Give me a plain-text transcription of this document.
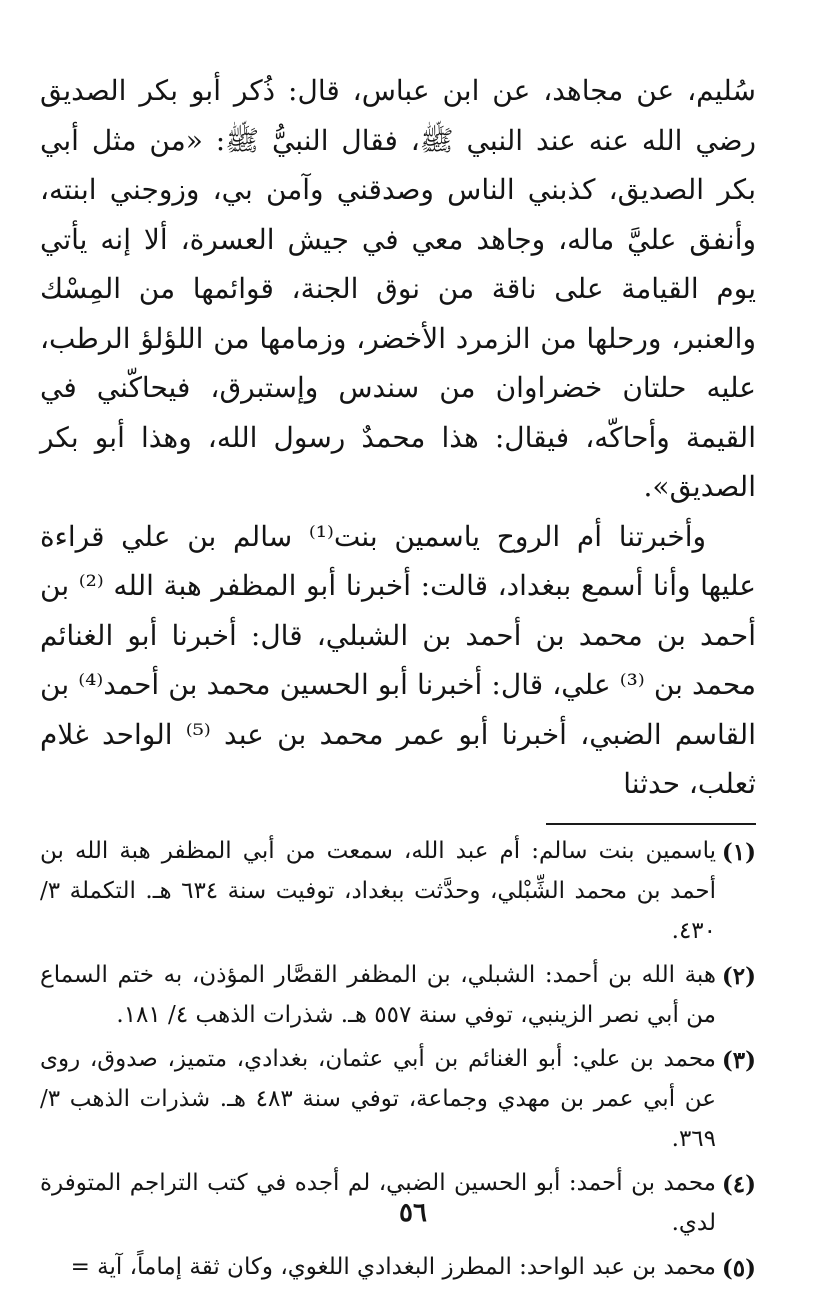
سُليم، عن مجاهد، عن ابن عباس، قال: ذُكر أبو بكر الصديق رضي الله عنه عند النبي ﷺ، فقال النبيُّ ﷺ: «من مثل أبي بكر الصديق، كذبني الناس وصدقني وآمن بي، وزوجني ابنته، وأنفق عليَّ ماله، وجاهد معي في جيش العسرة، ألا إنه يأتي يوم القيامة على ناقة من نوق الجنة، قوائمها من المِسْك والعنبر، ورحلها من الزمرد الأخضر، وزمامها من اللؤلؤ الرطب، عليه حلتان خضراوان من سندس وإستبرق، فيحاكّني في القيمة وأحاكّه، فيقال: هذا محمدٌ رسول الله، وهذا أبو بكر الصديق».

وأخبرتنا أم الروح ياسمين بنت⁽¹⁾ سالم بن علي قراءة عليها وأنا أسمع ببغداد، قالت: أخبرنا أبو المظفر هبة الله ⁽²⁾ بن أحمد بن محمد بن أحمد بن الشبلي، قال: أخبرنا أبو الغنائم محمد بن ⁽³⁾ علي، قال: أخبرنا أبو الحسين محمد بن أحمد⁽⁴⁾ بن القاسم الضبي، أخبرنا أبو عمر محمد بن عبد ⁽⁵⁾ الواحد غلام ثعلب، حدثنا

(١)
ياسمين بنت سالم: أم عبد الله، سمعت من أبي المظفر هبة الله بن أحمد بن محمد الشِّبْلي، وحدَّثت ببغداد، توفيت سنة ٦٣٤ هـ. التكملة ٣/ ٤٣٠.
(٢)
هبة الله بن أحمد: الشبلي، بن المظفر القصَّار المؤذن، به ختم السماع من أبي نصر الزينبي، توفي سنة ٥٥٧ هـ. شذرات الذهب ٤/ ١٨١.
(٣)
محمد بن علي: أبو الغنائم بن أبي عثمان، بغدادي، متميز، صدوق، روى عن أبي عمر بن مهدي وجماعة، توفي سنة ٤٨٣ هـ. شذرات الذهب ٣/ ٣٦٩.
(٤)
محمد بن أحمد: أبو الحسين الضبي، لم أجده في كتب التراجم المتوفرة لدي.
(٥)
محمد بن عبد الواحد: المطرز البغدادي اللغوي، وكان ثقة إماماً، آية =
٥٦
